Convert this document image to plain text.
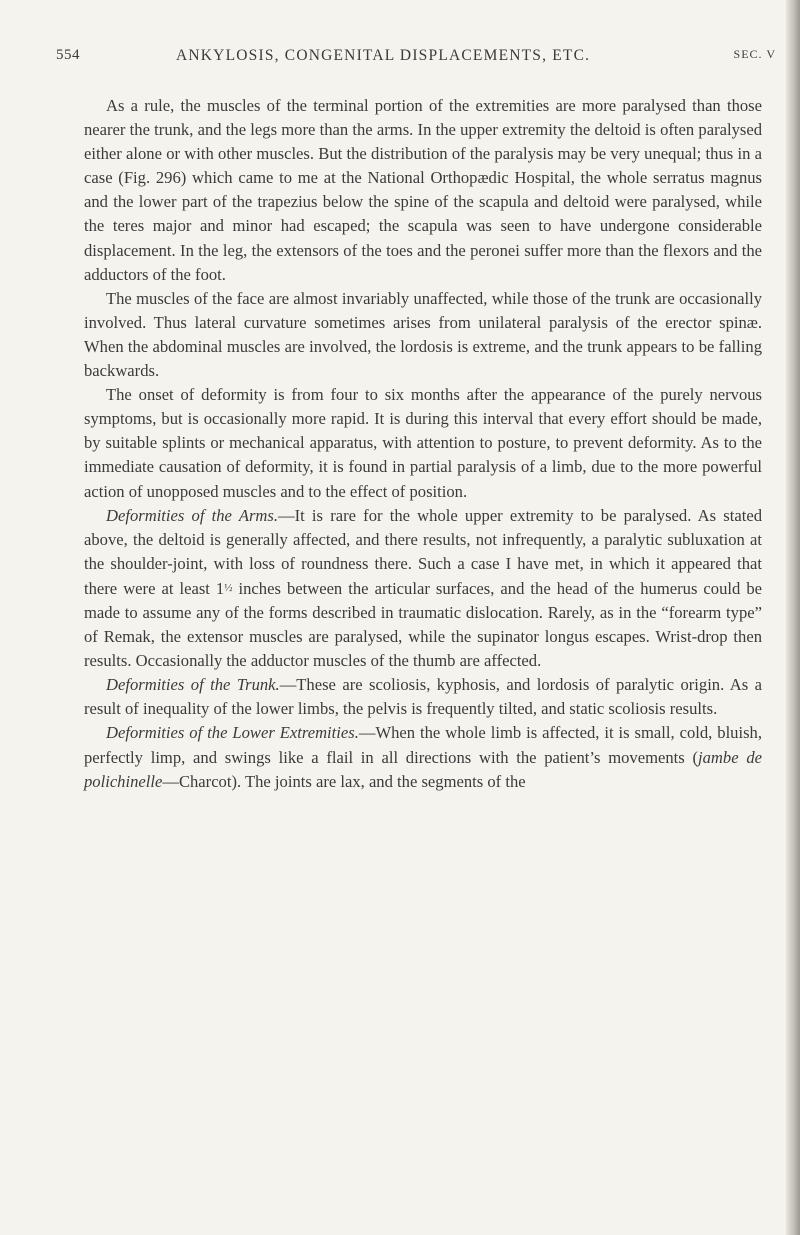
554	ANKYLOSIS, CONGENITAL DISPLACEMENTS, ETC.	SEC. V

As a rule, the muscles of the terminal portion of the extremities are more paralysed than those nearer the trunk, and the legs more than the arms. In the upper extremity the deltoid is often paralysed either alone or with other muscles. But the distribution of the paralysis may be very unequal; thus in a case (Fig. 296) which came to me at the National Orthopædic Hospital, the whole serratus magnus and the lower part of the trapezius below the spine of the scapula and deltoid were paralysed, while the teres major and minor had escaped; the scapula was seen to have undergone considerable displacement. In the leg, the extensors of the toes and the peronei suffer more than the flexors and the adductors of the foot.

The muscles of the face are almost invariably unaffected, while those of the trunk are occasionally involved. Thus lateral curvature sometimes arises from unilateral paralysis of the erector spinæ. When the abdominal muscles are involved, the lordosis is extreme, and the trunk appears to be falling backwards.

The onset of deformity is from four to six months after the appearance of the purely nervous symptoms, but is occasionally more rapid. It is during this interval that every effort should be made, by suitable splints or mechanical apparatus, with attention to posture, to prevent deformity. As to the immediate causation of deformity, it is found in partial paralysis of a limb, due to the more powerful action of unopposed muscles and to the effect of position.

Deformities of the Arms.—It is rare for the whole upper extremity to be paralysed. As stated above, the deltoid is generally affected, and there results, not infrequently, a paralytic subluxation at the shoulder-joint, with loss of roundness there. Such a case I have met, in which it appeared that there were at least 1½ inches between the articular surfaces, and the head of the humerus could be made to assume any of the forms described in traumatic dislocation. Rarely, as in the “forearm type” of Remak, the extensor muscles are paralysed, while the supinator longus escapes. Wrist-drop then results. Occasionally the adductor muscles of the thumb are affected.

Deformities of the Trunk.—These are scoliosis, kyphosis, and lordosis of paralytic origin. As a result of inequality of the lower limbs, the pelvis is frequently tilted, and static scoliosis results.

Deformities of the Lower Extremities.—When the whole limb is affected, it is small, cold, bluish, perfectly limp, and swings like a flail in all directions with the patient’s movements (jambe de polichinelle—Charcot). The joints are lax, and the segments of the
